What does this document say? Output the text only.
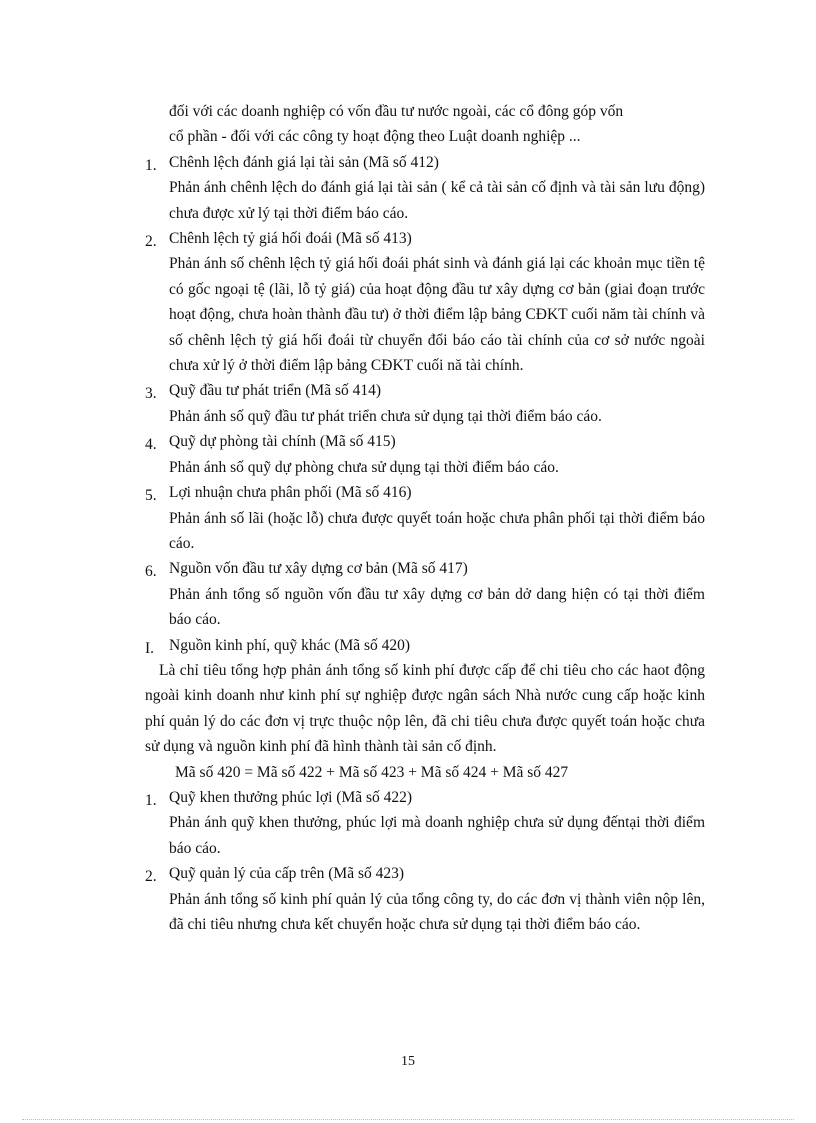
đối với các doanh nghiệp có vốn đầu tư nước ngoài, các cổ đông góp vốn

cổ phần - đối với các công ty hoạt động theo Luật doanh nghiệp ...

1. Chênh lệch đánh giá lại tài sản (Mã số 412)

Phản ánh chênh lệch do đánh giá lại tài sản ( kể cả tài sản cố định và tài sản lưu động) chưa được xử lý tại thời điểm báo cáo.

2. Chênh lệch tỷ giá hối đoái (Mã số 413)

Phản ánh số chênh lệch tỷ giá hối đoái phát sinh và đánh giá lại các khoản mục tiền tệ có gốc ngoại tệ (lãi, lỗ tỷ giá) của hoạt động đầu tư xây dựng cơ bản (giai đoạn trước hoạt động, chưa hoàn thành đầu tư) ở thời điểm lập bảng CĐKT cuối năm tài chính và số chênh lệch tỷ giá hối đoái từ chuyển đổi báo cáo tài chính của cơ sở nước ngoài chưa xử lý ở thời điểm lập bảng CĐKT cuối nă tài chính.

3. Quỹ đầu tư phát triển (Mã số 414)

Phản ánh số quỹ đầu tư phát triển chưa sử dụng tại thời điểm báo cáo.

4. Quỹ dự phòng tài chính (Mã số 415)

Phản ánh số quỹ dự phòng chưa sử dụng tại thời điểm báo cáo.

5. Lợi nhuận chưa phân phối (Mã số 416)

Phản ánh số lãi (hoặc lỗ) chưa được quyết toán hoặc chưa phân phối tại thời điểm báo cáo.

6. Nguồn vốn đầu tư xây dựng cơ bản (Mã số 417)

Phản ánh tổng số nguồn vốn đầu tư xây dựng cơ bản dở dang hiện có tại thời điểm báo cáo.

I. Nguồn kinh phí, quỹ khác (Mã số 420)

Là chỉ tiêu tổng hợp phản ánh tổng số kinh phí được cấp để chi tiêu cho các haot động ngoài kinh doanh như kinh phí sự nghiệp được ngân sách Nhà nước cung cấp hoặc kinh phí quản lý do các đơn vị trực thuộc nộp lên, đã chi tiêu chưa được quyết toán hoặc chưa sử dụng và nguồn kinh phí đã hình thành tài sản cố định.

Mã số 420 = Mã số 422 + Mã số 423 + Mã số 424 + Mã số 427

1. Quỹ khen thưởng phúc lợi (Mã số 422)

Phản ánh quỹ khen thưởng, phúc lợi mà doanh nghiệp chưa sử dụng đếntại thời điểm báo cáo.

2. Quỹ quản lý của cấp trên (Mã số 423)

Phản ánh tổng số kinh phí quản lý của tổng công ty, do các đơn vị thành viên nộp lên, đã chi tiêu nhưng chưa kết chuyển hoặc chưa sử dụng tại thời điểm báo cáo.

15
